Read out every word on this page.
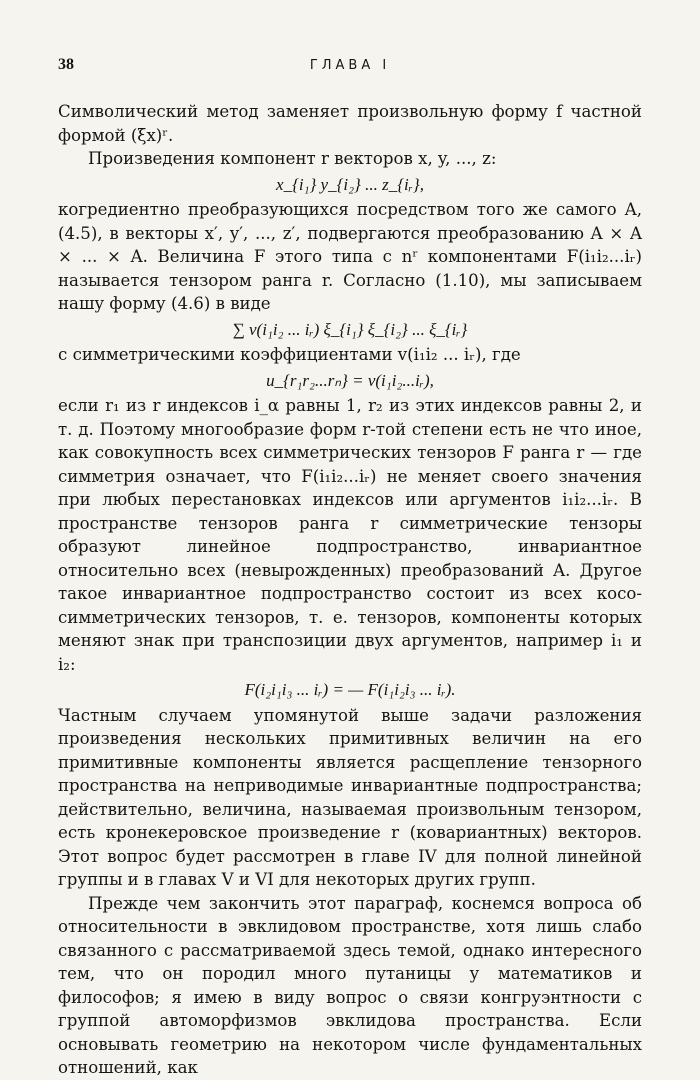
38	ГЛАВА I

Символический метод заменяет произвольную форму f частной формой (ξx)ʳ.

Произведения компонент r векторов x, y, ..., z:

x_{i₁} y_{i₂} ... z_{iᵣ},

когредиентно преобразующихся посредством того же самого A, (4.5), в векторы x′, y′, ..., z′, подвергаются преобразованию A × A × ... × A. Величина F этого типа с nʳ компонентами F(i₁i₂...iᵣ) называется тензором ранга r. Согласно (1.10), мы записываем нашу форму (4.6) в виде

∑ v(i₁i₂ ... iᵣ) ξ_{i₁} ξ_{i₂} ... ξ_{iᵣ}

с симметрическими коэффициентами v(i₁i₂ ... iᵣ), где

u_{r₁r₂...rₙ} = v(i₁i₂...iᵣ),

если r₁ из r индексов i_α равны 1, r₂ из этих индексов равны 2, и т. д. Поэтому многообразие форм r-той степени есть не что иное, как совокупность всех симметрических тензоров F ранга r — где симметрия означает, что F(i₁i₂...iᵣ) не меняет своего значения при любых перестановках индексов или аргументов i₁i₂...iᵣ. В пространстве тензоров ранга r симметрические тензоры образуют линейное подпространство, инвариантное относительно всех (невырожденных) преобразований A. Другое такое инвариантное подпространство состоит из всех косо-симметрических тензоров, т. е. тензоров, компоненты которых меняют знак при транспозиции двух аргументов, например i₁ и i₂:

F(i₂i₁i₃ ... iᵣ) = — F(i₁i₂i₃ ... iᵣ).

Частным случаем упомянутой выше задачи разложения произведения нескольких примитивных величин на его примитивные компоненты является расщепление тензорного пространства на неприводимые инвариантные подпространства; действительно, величина, называемая произвольным тензором, есть кронекеровское произведение r (ковариантных) векторов. Этот вопрос будет рассмотрен в главе IV для полной линейной группы и в главах V и VI для некоторых других групп.

Прежде чем закончить этот параграф, коснемся вопроса об относительности в эвклидовом пространстве, хотя лишь слабо связанного с рассматриваемой здесь темой, однако интересного тем, что он породил много путаницы у математиков и философов; я имею в виду вопрос о связи конгруэнтности с группой автоморфизмов эвклидова пространства. Если основывать геометрию на некотором числе фундаментальных отношений, как
